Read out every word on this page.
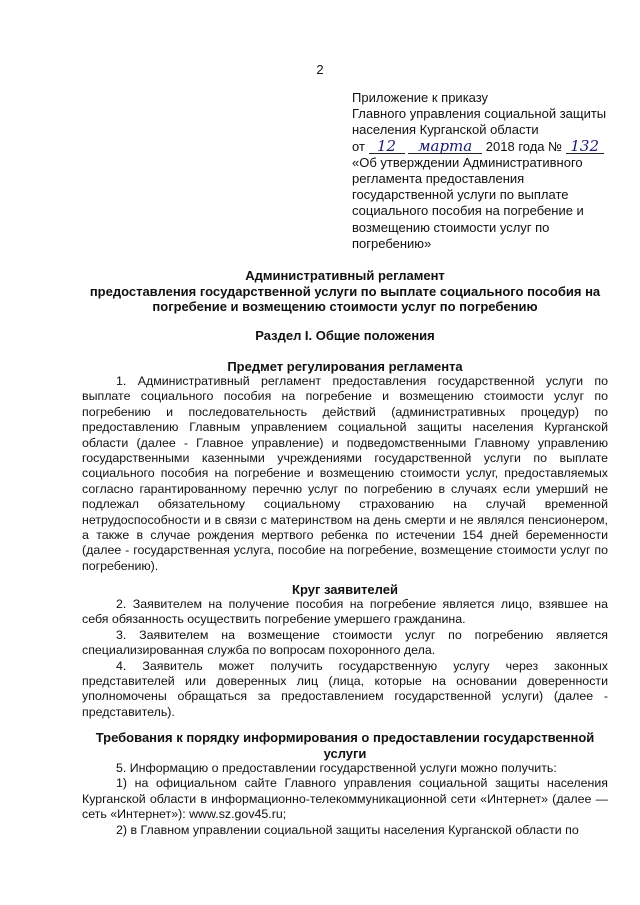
2

Приложение к приказу

Главного управления социальной защиты

населения Курганской области

от 12 марта 2018 года № 132

«Об утверждении Административного регламента предоставления государственной услуги по выплате социального пособия на погребение и возмещению стоимости услуг по погребению»

Административный регламент

предоставления государственной услуги по выплате социального пособия на погребение и возмещению стоимости услуг по погребению

Раздел I. Общие положения

Предмет регулирования регламента

1. Административный регламент предоставления государственной услуги по выплате социального пособия на погребение и возмещению стоимости услуг по погребению и последовательность действий (административных процедур) по предоставлению Главным управлением социальной защиты населения Курганской области (далее - Главное управление) и подведомственными Главному управлению государственными казенными учреждениями государственной услуги по выплате социального пособия на погребение и возмещению стоимости услуг, предоставляемых согласно гарантированному перечню услуг по погребению в случаях если умерший не подлежал обязательному социальному страхованию на случай временной нетрудоспособности и в связи с материнством на день смерти и не являлся пенсионером, а также в случае рождения мертвого ребенка по истечении 154 дней беременности (далее - государственная услуга, пособие на погребение, возмещение стоимости услуг по погребению).

Круг заявителей

2. Заявителем на получение пособия на погребение является лицо, взявшее на себя обязанность осуществить погребение умершего гражданина.

3. Заявителем на возмещение стоимости услуг по погребению является специализированная служба по вопросам похоронного дела.

4. Заявитель может получить государственную услугу через законных представителей или доверенных лиц (лица, которые на основании доверенности уполномочены обращаться за предоставлением государственной услуги) (далее - представитель).

Требования к порядку информирования о предоставлении государственной услуги

5. Информацию о предоставлении государственной услуги можно получить:

1) на официальном сайте Главного управления социальной защиты населения Курганской области в информационно-телекоммуникационной сети «Интернет» (далее — сеть «Интернет»): www.sz.gov45.ru;

2) в Главном управлении социальной защиты населения Курганской области по
